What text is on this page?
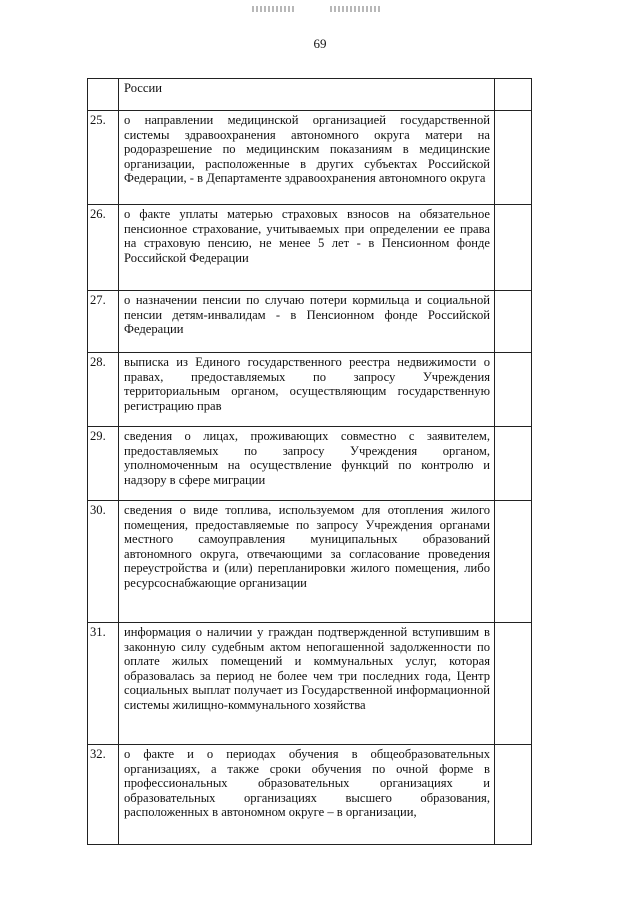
69
	России	
25.	о направлении медицинской организацией государственной системы здравоохранения автономного округа матери на родоразрешение по медицинским показаниям в медицинские организации, расположенные в других субъектах Российской Федерации, - в Департаменте здравоохранения автономного округа	
26.	о факте уплаты матерью страховых взносов на обязательное пенсионное страхование, учитываемых при определении ее права на страховую пенсию, не менее 5 лет - в Пенсионном фонде Российской Федерации	
27.	о назначении пенсии по случаю потери кормильца и социальной пенсии детям-инвалидам - в Пенсионном фонде Российской Федерации	
28.	выписка из Единого государственного реестра недвижимости о правах, предоставляемых по запросу Учреждения территориальным органом, осуществляющим государственную регистрацию прав	
29.	сведения о лицах, проживающих совместно с заявителем, предоставляемых по запросу Учреждения органом, уполномоченным на осуществление функций по контролю и надзору в сфере миграции	
30.	сведения о виде топлива, используемом для отопления жилого помещения, предоставляемые по запросу Учреждения органами местного самоуправления муниципальных образований автономного округа, отвечающими за согласование проведения переустройства и (или) перепланировки жилого помещения, либо ресурсоснабжающие организации	
31.	информация о наличии у граждан подтвержденной вступившим в законную силу судебным актом непогашенной задолженности по оплате жилых помещений и коммунальных услуг, которая образовалась за период не более чем три последних года, Центр социальных выплат получает из Государственной информационной системы жилищно-коммунального хозяйства	
32.	о факте и о периодах обучения в общеобразовательных организациях, а также сроки обучения по очной форме в профессиональных образовательных организациях и образовательных организациях высшего образования, расположенных в автономном округе – в организации,	
